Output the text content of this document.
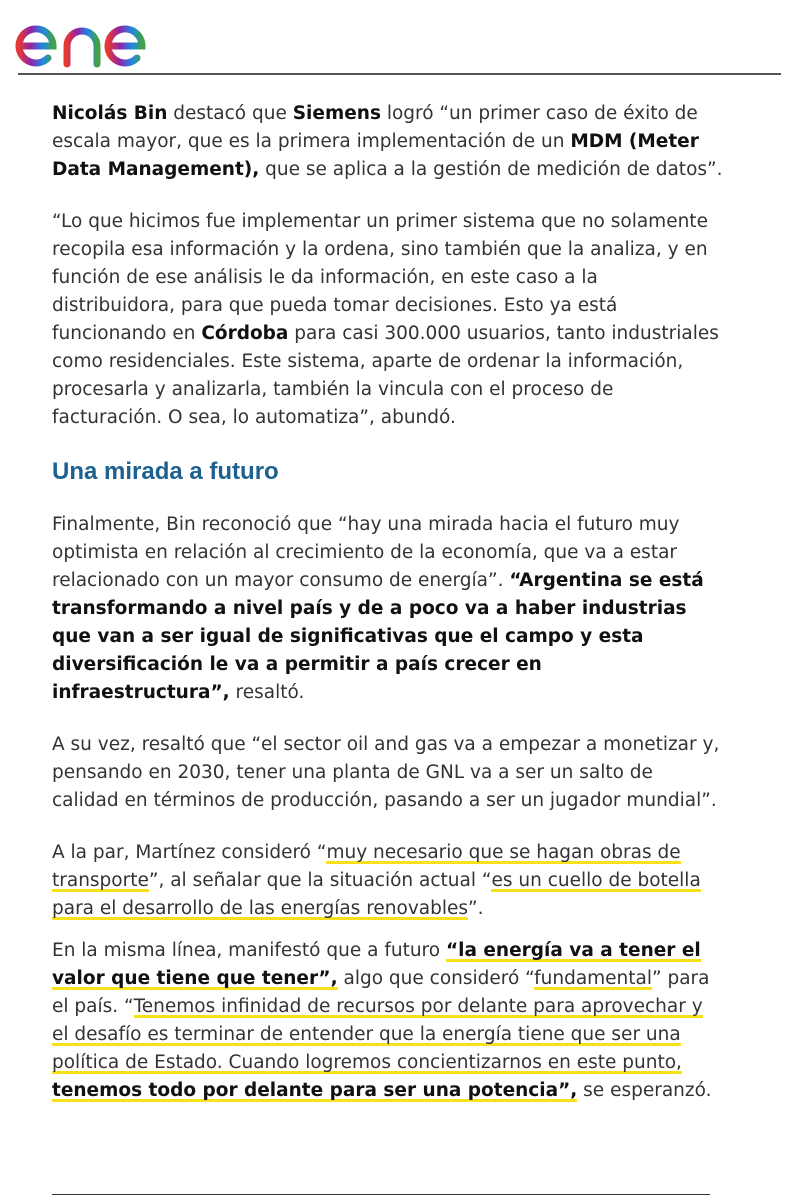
Nicolás Bin destacó que Siemens logró “un primer caso de éxito de escala mayor, que es la primera implementación de un MDM (Meter Data Management), que se aplica a la gestión de medición de datos”.

“Lo que hicimos fue implementar un primer sistema que no solamente recopila esa información y la ordena, sino también que la analiza, y en función de ese análisis le da información, en este caso a la distribuidora, para que pueda tomar decisiones. Esto ya está funcionando en Córdoba para casi 300.000 usuarios, tanto industriales como residenciales. Este sistema, aparte de ordenar la información, procesarla y analizarla, también la vincula con el proceso de facturación. O sea, lo automatiza”, abundó.

Una mirada a futuro

Finalmente, Bin reconoció que “hay una mirada hacia el futuro muy optimista en relación al crecimiento de la economía, que va a estar relacionado con un mayor consumo de energía”. “Argentina se está transformando a nivel país y de a poco va a haber industrias que van a ser igual de significativas que el campo y esta diversificación le va a permitir a país crecer en infraestructura”, resaltó.

A su vez, resaltó que “el sector oil and gas va a empezar a monetizar y, pensando en 2030, tener una planta de GNL va a ser un salto de calidad en términos de producción, pasando a ser un jugador mundial”.

A la par, Martínez consideró “muy necesario que se hagan obras de transporte”, al señalar que la situación actual “es un cuello de botella para el desarrollo de las energías renovables”.

En la misma línea, manifestó que a futuro “la energía va a tener el valor que tiene que tener”, algo que consideró “fundamental” para el país. “Tenemos infinidad de recursos por delante para aprovechar y el desafío es terminar de entender que la energía tiene que ser una política de Estado. Cuando logremos concientizarnos en este punto, tenemos todo por delante para ser una potencia”, se esperanzó.
